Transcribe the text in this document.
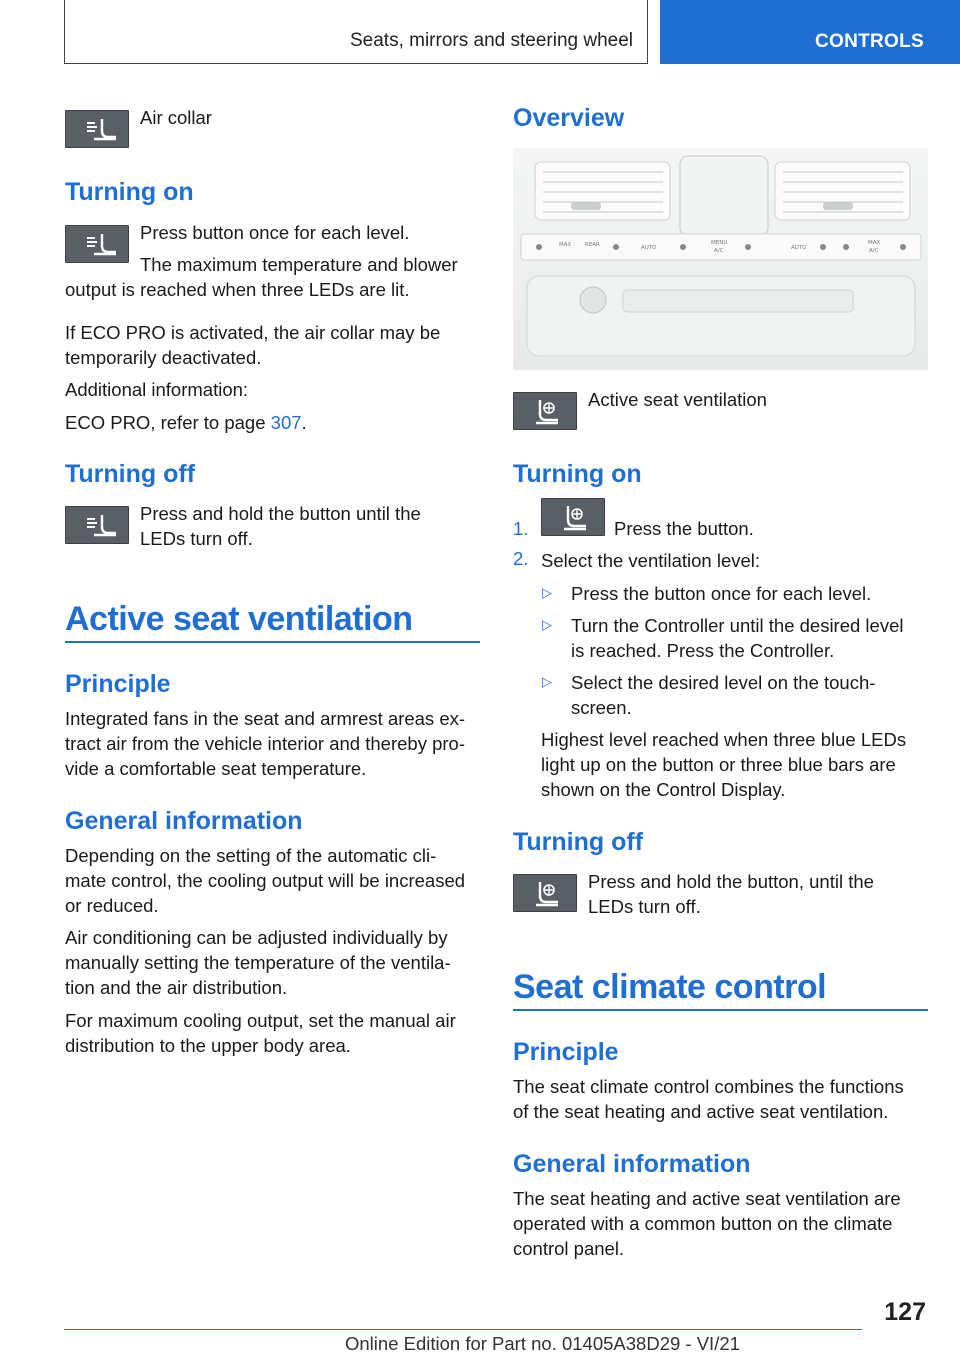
Seats, mirrors and steering wheel	CONTROLS

Air collar

Turning on

Press button once for each level.

The maximum temperature and blower

output is reached when three LEDs are lit.

If ECO PRO is activated, the air collar may be

temporarily deactivated.

Additional information:

ECO PRO, refer to page 307.

Turning off

Press and hold the button until the

LEDs turn off.

Active seat ventilation
Principle

Integrated fans in the seat and armrest areas ex-

tract air from the vehicle interior and thereby pro-

vide a comfortable seat temperature.

General information

Depending on the setting of the automatic cli-

mate control, the cooling output will be increased

or reduced.

Air conditioning can be adjusted individually by

manually setting the temperature of the ventila-

tion and the air distribution.

For maximum cooling output, set the manual air

distribution to the upper body area.

Overview
MAX REAR	AUTO
MENU
A/C	AUTO
MAX
A/C

Active seat ventilation

Turning on
1.	Press the button.

2. Select the ventilation level:

▷ Press the button once for each level.

▷ Turn the Controller until the desired level

is reached. Press the Controller.

▷ Select the desired level on the touch-

screen.

Highest level reached when three blue LEDs

light up on the button or three blue bars are

shown on the Control Display.

Turning off

Press and hold the button, until the

LEDs turn off.

Seat climate control
Principle

The seat climate control combines the functions

of the seat heating and active seat ventilation.

General information

The seat heating and active seat ventilation are

operated with a common button on the climate

control panel.

127
Online Edition for Part no. 01405A38D29 - VI/21
